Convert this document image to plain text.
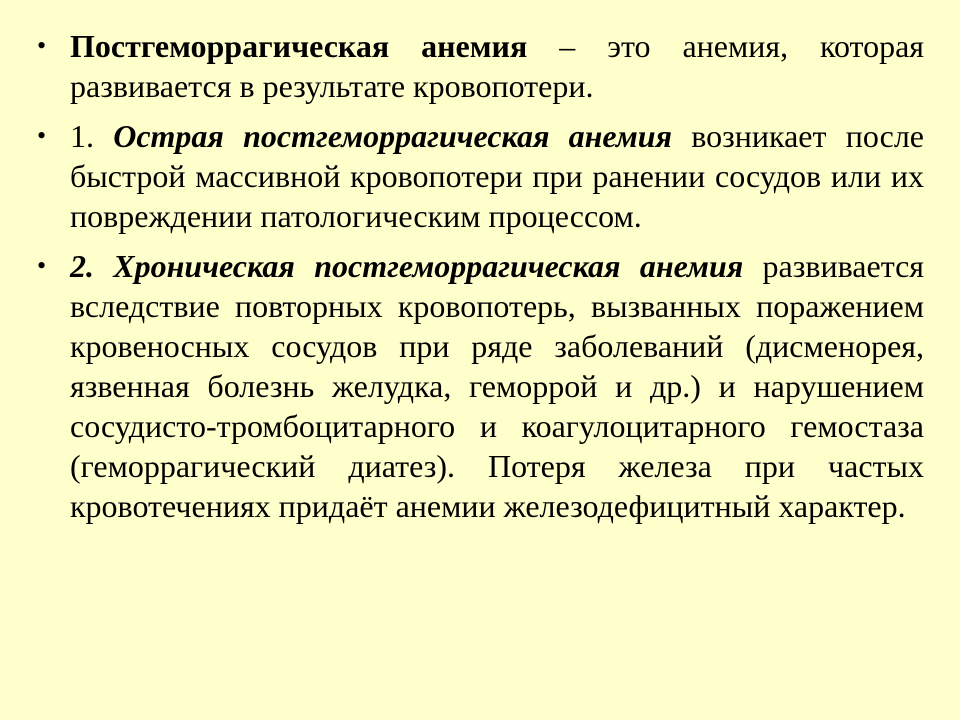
• Постгеморрагическая анемия – это анемия, которая развивается в результате кровопотери.
• 1. Острая постгеморрагическая анемия возникает после быстрой массивной кровопотери при ранении сосудов или их повреждении патологическим процессом.
• 2. Хроническая постгеморрагическая анемия развивается вследствие повторных кровопотерь, вызванных поражением кровеносных сосудов при ряде заболеваний (дисменорея, язвенная болезнь желудка, геморрой и др.) и нарушением сосудисто-тромбоцитарного и коагулоцитарного гемостаза (геморрагический диатез). Потеря железа при частых кровотечениях придаёт анемии железодефицитный характер.
